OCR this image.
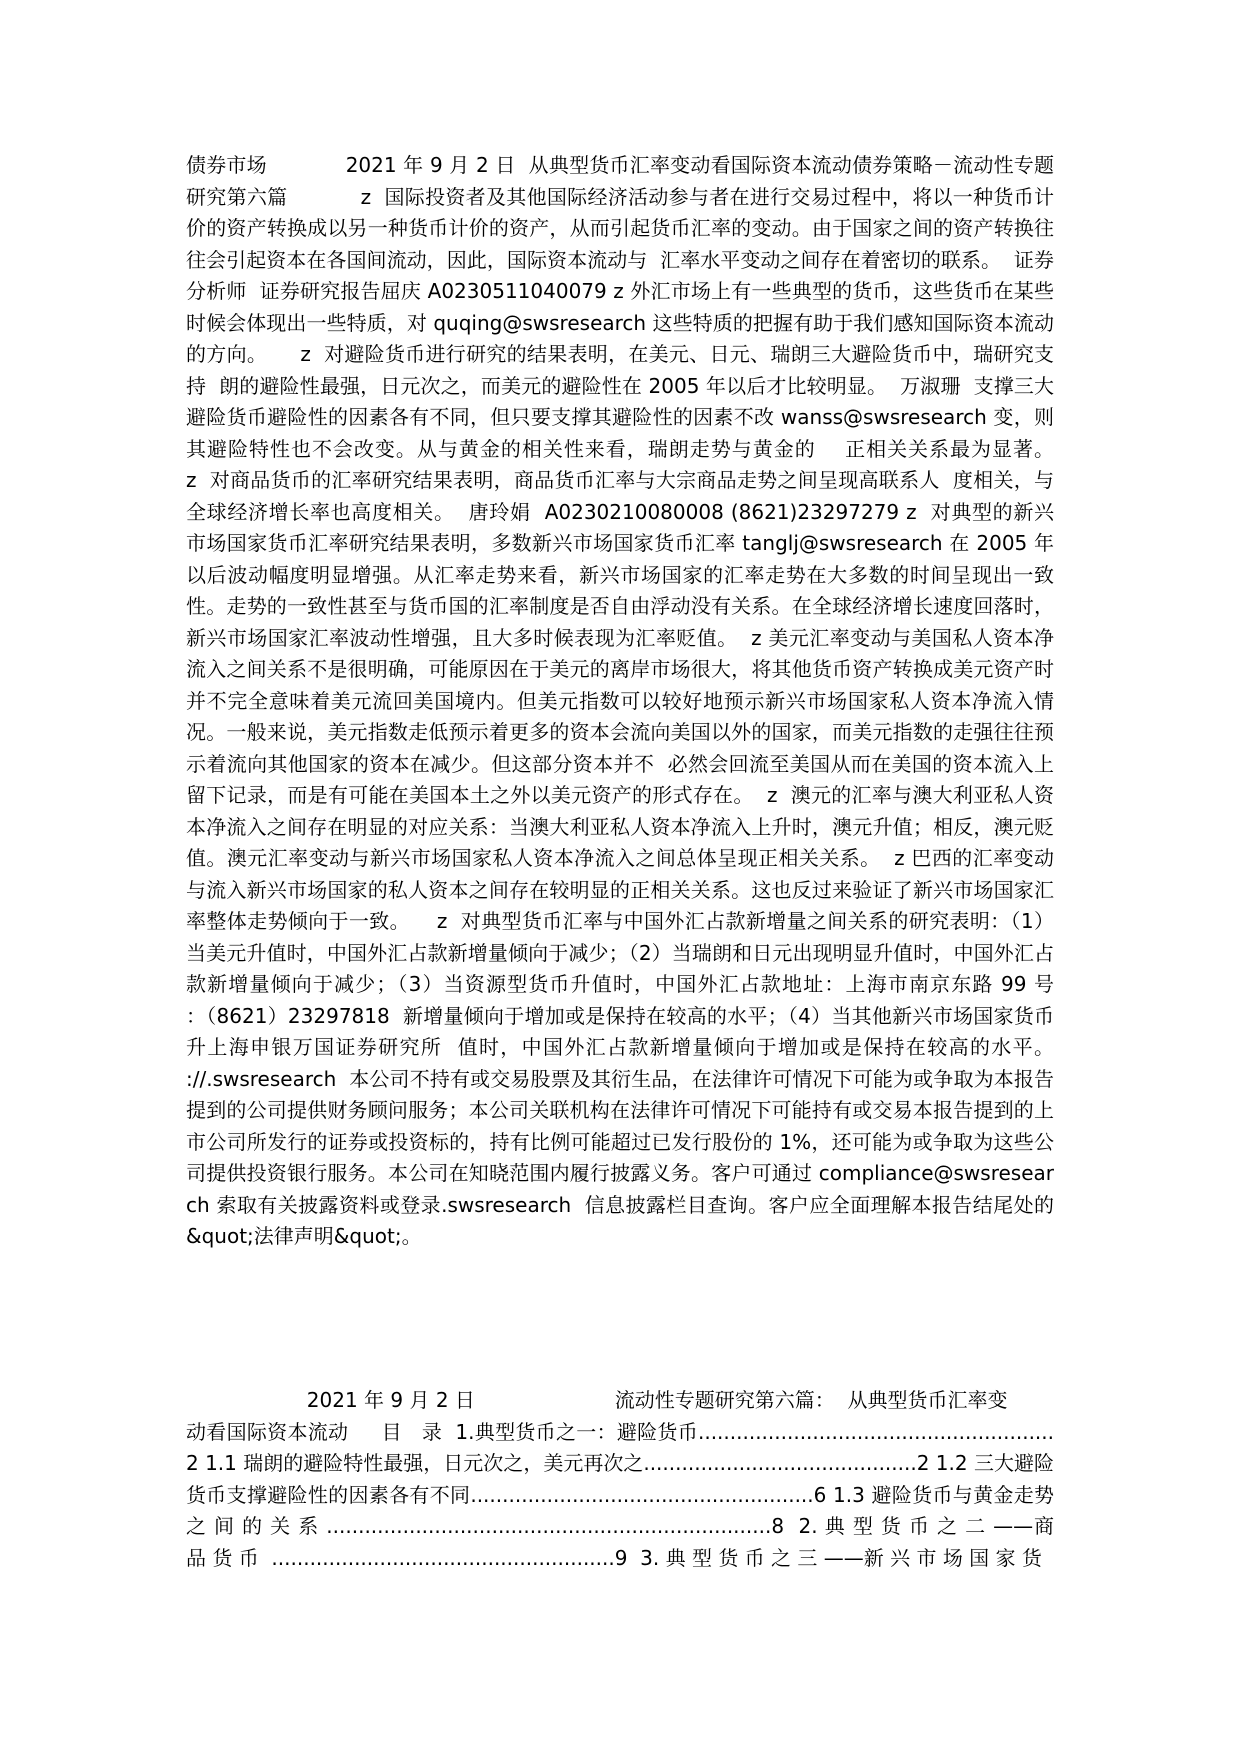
债券市场            2021 年 9 月 2 日  从典型货币汇率变动看国际资本流动债券策略－流动性专题研究第六篇           z  国际投资者及其他国际经济活动参与者在进行交易过程中，将以一种货币计  价的资产转换成以另一种货币计价的资产，从而引起货币汇率的变动。由于国家之间的资产转换往往会引起资本在各国间流动，因此，国际资本流动与  汇率水平变动之间存在着密切的联系。  证券分析师  证券研究报告屈庆 A0230511040079 z 外汇市场上有一些典型的货币，这些货币在某些时候会体现出一些特质，对 quqing@swsresearch 这些特质的把握有助于我们感知国际资本流动的方向。     z  对避险货币进行研究的结果表明，在美元、日元、瑞朗三大避险货币中，瑞研究支持  朗的避险性最强，日元次之，而美元的避险性在 2005 年以后才比较明显。  万淑珊  支撑三大避险货币避险性的因素各有不同，但只要支撑其避险性的因素不改 wanss@swsresearch 变，则其避险特性也不会改变。从与黄金的相关性来看，瑞朗走势与黄金的    正相关关系最为显著。      z  对商品货币的汇率研究结果表明，商品货币汇率与大宗商品走势之间呈现高联系人  度相关，与全球经济增长率也高度相关。  唐玲娟  A0230210080008 (8621)23297279 z  对典型的新兴市场国家货币汇率研究结果表明，多数新兴市场国家货币汇率 tanglj@swsresearch 在 2005 年以后波动幅度明显增强。从汇率走势来看，新兴市场国家的汇率走势在大多数的时间呈现出一致性。走势的一致性甚至与货币国的汇率制度是否自由浮动没有关系。在全球经济增长速度回落时，新兴市场国家汇率波动性增强，且大多时候表现为汇率贬值。  z 美元汇率变动与美国私人资本净流入之间关系不是很明确，可能原因在于美元的离岸市场很大，将其他货币资产转换成美元资产时并不完全意味着美元流回美国境内。但美元指数可以较好地预示新兴市场国家私人资本净流入情况。一般来说，美元指数走低预示着更多的资本会流向美国以外的国家，而美元指数的走强往往预示着流向其他国家的资本在减少。但这部分资本并不  必然会回流至美国从而在美国的资本流入上留下记录，而是有可能在美国本土之外以美元资产的形式存在。  z  澳元的汇率与澳大利亚私人资本净流入之间存在明显的对应关系：当澳大利亚私人资本净流入上升时，澳元升值；相反，澳元贬值。澳元汇率变动与新兴市场国家私人资本净流入之间总体呈现正相关关系。  z 巴西的汇率变动与流入新兴市场国家的私人资本之间存在较明显的正相关关系。这也反过来验证了新兴市场国家汇率整体走势倾向于一致。    z  对典型货币汇率与中国外汇占款新增量之间关系的研究表明：（1）当美元升值时，中国外汇占款新增量倾向于减少；（2）当瑞朗和日元出现明显升值时，中国外汇占款新增量倾向于减少；（3）当资源型货币升值时，中国外汇占款地址：上海市南京东路 99 号       ：（8621）23297818  新增量倾向于增加或是保持在较高的水平；（4）当其他新兴市场国家货币升上海申银万国证券研究所  值时，中国外汇占款新增量倾向于增加或是保持在较高的水平。         ://.swsresearch  本公司不持有或交易股票及其衍生品，在法律许可情况下可能为或争取为本报告提到的公司提供财务顾问服务；本公司关联机构在法律许可情况下可能持有或交易本报告提到的上市公司所发行的证券或投资标的，持有比例可能超过已发行股份的 1%，还可能为或争取为这些公司提供投资银行服务。本公司在知晓范围内履行披露义务。客户可通过 compliance@swsresearch 索取有关披露资料或登录.swsresearch  信息披露栏目查询。客户应全面理解本报告结尾处的&quot;法律声明&quot;。

2021 年 9 月 2 日                      流动性专题研究第六篇：  从典型货币汇率变

动看国际资本流动     目   录  1.典型货币之一：避险货币........................................................2 1.1 瑞朗的避险特性最强，日元次之，美元再次之...........................................2 1.2 三大避险货币支撑避险性的因素各有不同......................................................6 1.3 避险货币与黄金走势之 间 的 关 系 ......................................................................8  2. 典 型 货 币 之 二 ——商 品 货 币  ......................................................9  3. 典 型 货 币 之 三 ——新 兴 市 场 国 家 货
